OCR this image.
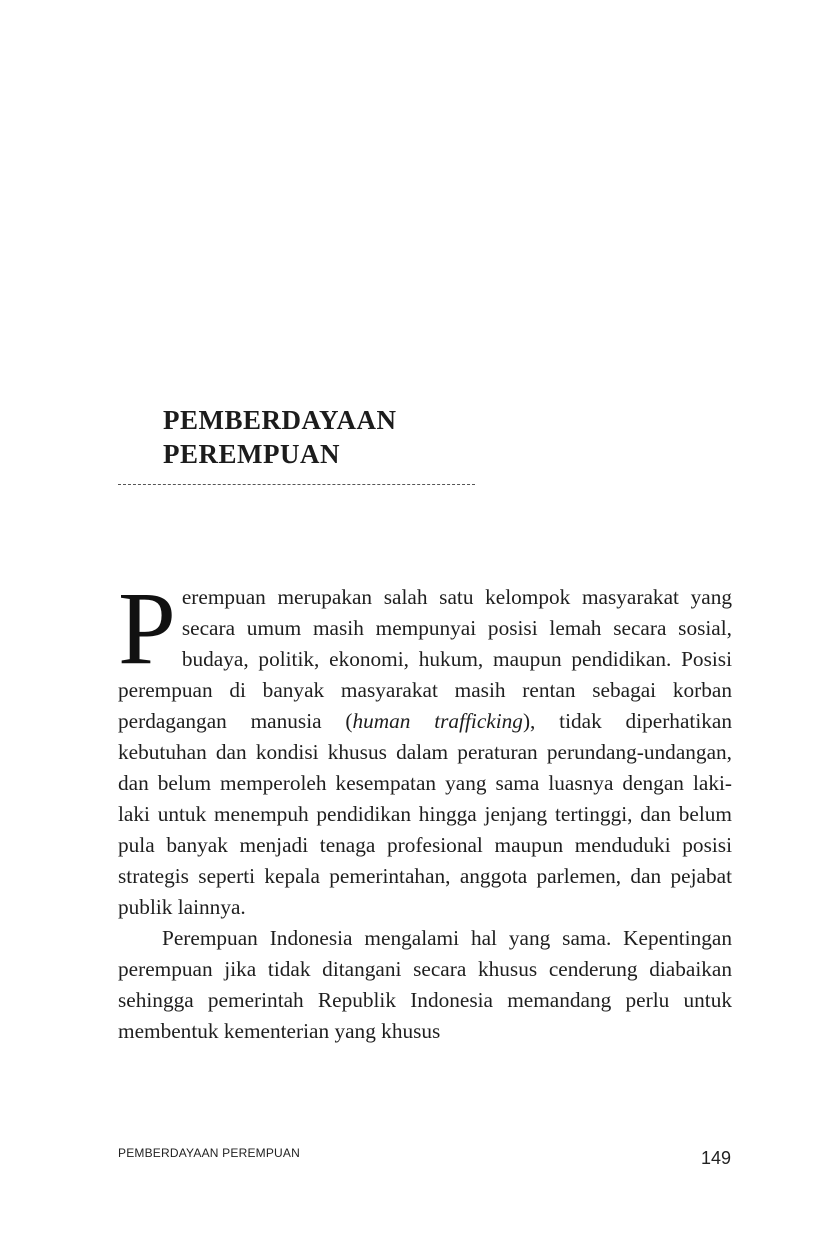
PEMBERDAYAAN
PEREMPUAN

Perempuan merupakan salah satu kelompok masyarakat yang secara umum masih mempunyai posisi lemah secara sosial, budaya, politik, ekonomi, hukum, maupun pendidikan. Posisi perempuan di banyak masyarakat masih rentan sebagai korban perdagangan manusia (human trafficking), tidak diperhatikan kebutuhan dan kondisi khusus dalam peraturan perundang-undangan, dan belum memperoleh kesempatan yang sama luasnya dengan laki-laki untuk menempuh pendidikan hingga jenjang tertinggi, dan belum pula banyak menjadi tenaga profesional maupun menduduki posisi strategis seperti kepala pemerintahan, anggota parlemen, dan pejabat publik lainnya.

Perempuan Indonesia mengalami hal yang sama. Kepentingan perempuan jika tidak ditangani secara khusus cenderung diabaikan sehingga pemerintah Republik Indonesia memandang perlu untuk membentuk kementerian yang khusus

PEMBERDAYAAN PEREMPUAN	149
